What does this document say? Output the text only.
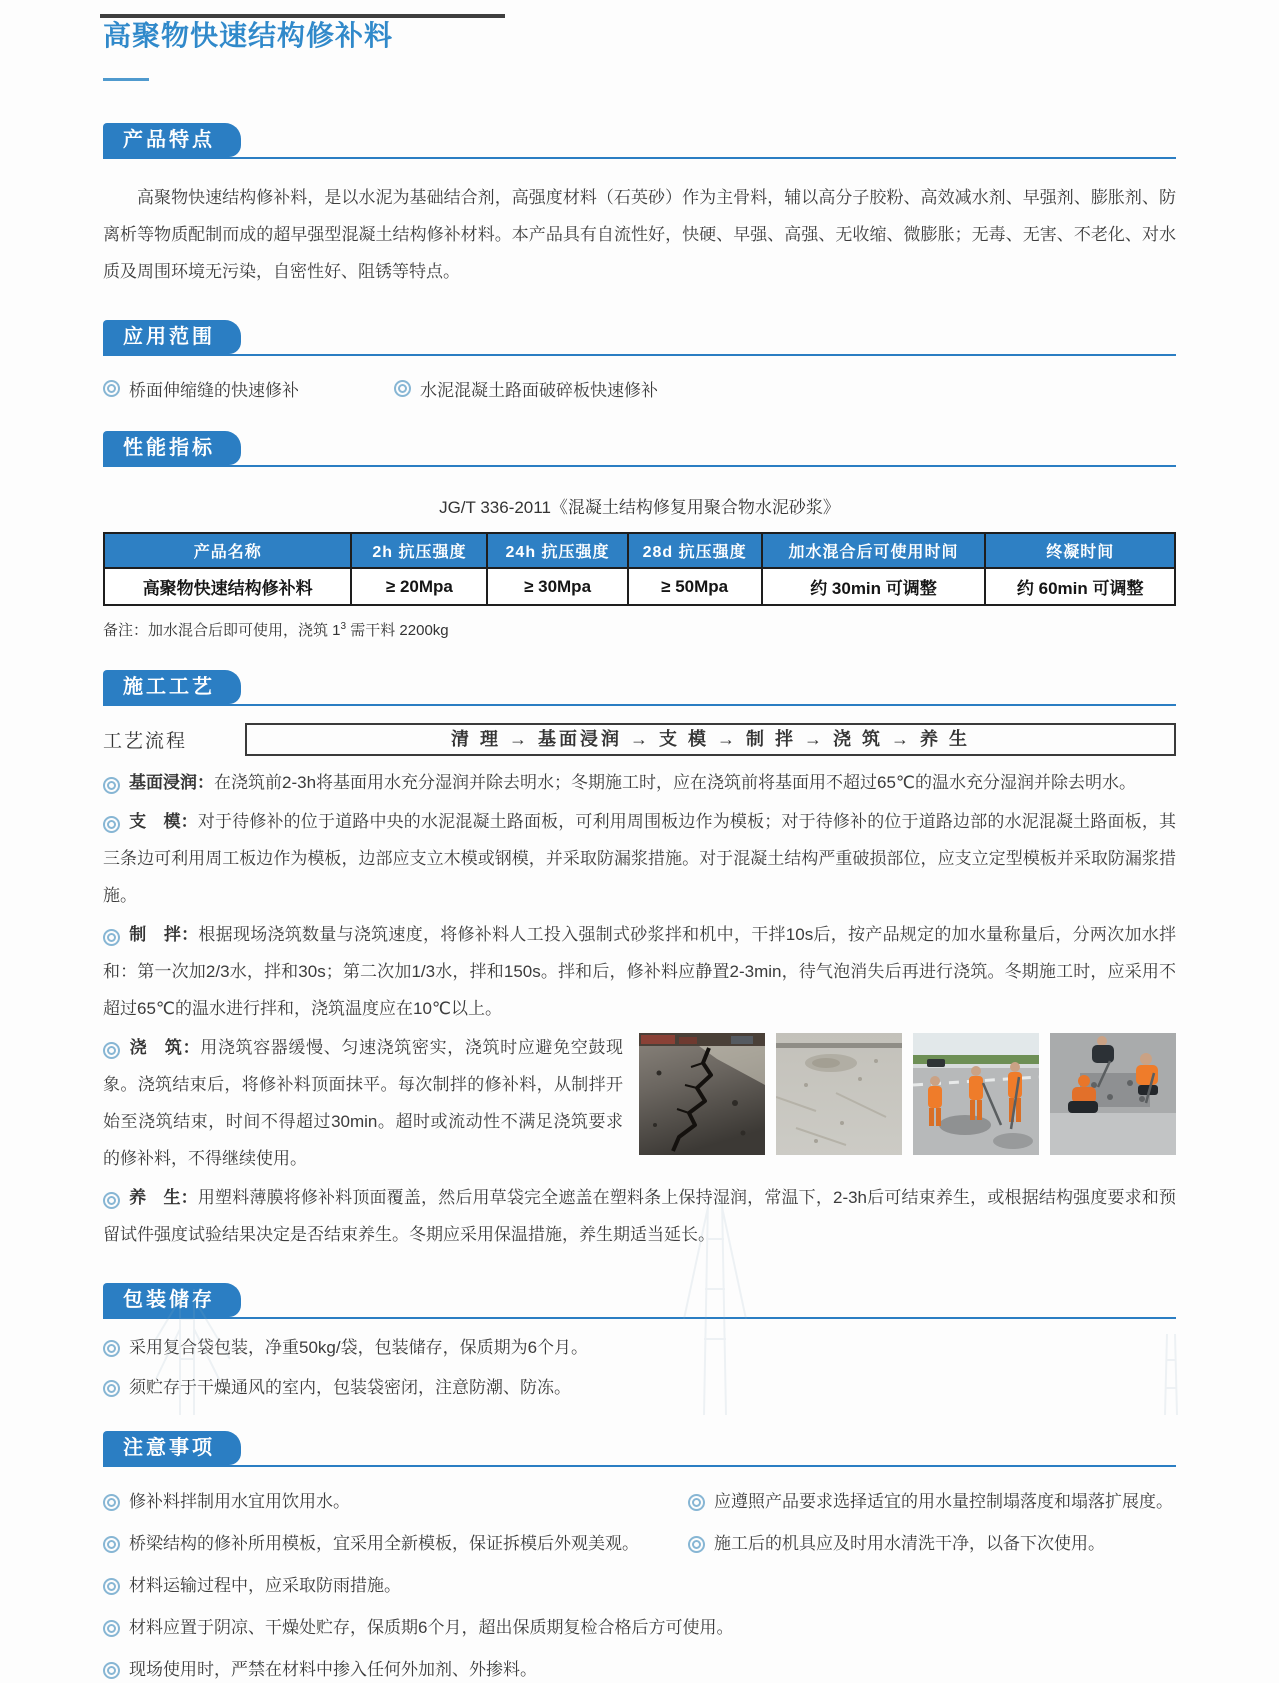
高聚物快速结构修补料
产品特点

高聚物快速结构修补料，是以水泥为基础结合剂，高强度材料（石英砂）作为主骨料，辅以高分子胶粉、高效减水剂、早强剂、膨胀剂、防离析等物质配制而成的超早强型混凝土结构修补材料。本产品具有自流性好，快硬、早强、高强、无收缩、微膨胀；无毒、无害、不老化、对水质及周围环境无污染，自密性好、阻锈等特点。

应用范围
桥面伸缩缝的快速修补	水泥混凝土路面破碎板快速修补
性能指标
JG/T 336-2011《混凝土结构修复用聚合物水泥砂浆》
产品名称	2h 抗压强度	24h 抗压强度	28d 抗压强度	加水混合后可使用时间	终凝时间
高聚物快速结构修补料	≥ 20Mpa	≥ 30Mpa	≥ 50Mpa	约 30min 可调整	约 60min 可调整
备注：加水混合后即可使用，浇筑 $1^3$ 需干料 2200kg
施工工艺
工艺流程	清 理 → 基面浸润 → 支 模 → 制 拌 → 浇 筑 → 养 生
基面浸润：在浇筑前2-3h将基面用水充分湿润并除去明水；冬期施工时，应在浇筑前将基面用不超过65℃的温水充分湿润并除去明水。
支　模：对于待修补的位于道路中央的水泥混凝土路面板，可利用周围板边作为模板；对于待修补的位于道路边部的水泥混凝土路面板，其三条边可利用周工板边作为模板，边部应支立木模或钢模，并采取防漏浆措施。对于混凝土结构严重破损部位，应支立定型模板并采取防漏浆措施。
制　拌：根据现场浇筑数量与浇筑速度，将修补料人工投入强制式砂浆拌和机中，干拌10s后，按产品规定的加水量称量后，分两次加水拌和：第一次加2/3水，拌和30s；第二次加1/3水，拌和150s。拌和后，修补料应静置2-3min，待气泡消失后再进行浇筑。冬期施工时，应采用不超过65℃的温水进行拌和，浇筑温度应在10℃以上。
浇　筑：用浇筑容器缓慢、匀速浇筑密实，浇筑时应避免空鼓现象。浇筑结束后，将修补料顶面抹平。每次制拌的修补料，从制拌开始至浇筑结束，时间不得超过30min。超时或流动性不满足浇筑要求的修补料，不得继续使用。
养　生：用塑料薄膜将修补料顶面覆盖，然后用草袋完全遮盖在塑料条上保持湿润，常温下，2-3h后可结束养生，或根据结构强度要求和预留试件强度试验结果决定是否结束养生。冬期应采用保温措施，养生期适当延长。
包装储存
采用复合袋包装，净重50kg/袋，包装储存，保质期为6个月。
须贮存于干燥通风的室内，包装袋密闭，注意防潮、防冻。
注意事项
修补料拌制用水宜用饮用水。	应遵照产品要求选择适宜的用水量控制塌落度和塌落扩展度。
桥梁结构的修补所用模板，宜采用全新模板，保证拆模后外观美观。	施工后的机具应及时用水清洗干净，以备下次使用。
材料运输过程中，应采取防雨措施。
材料应置于阴凉、干燥处贮存，保质期6个月，超出保质期复检合格后方可使用。
现场使用时，严禁在材料中掺入任何外加剂、外掺料。
